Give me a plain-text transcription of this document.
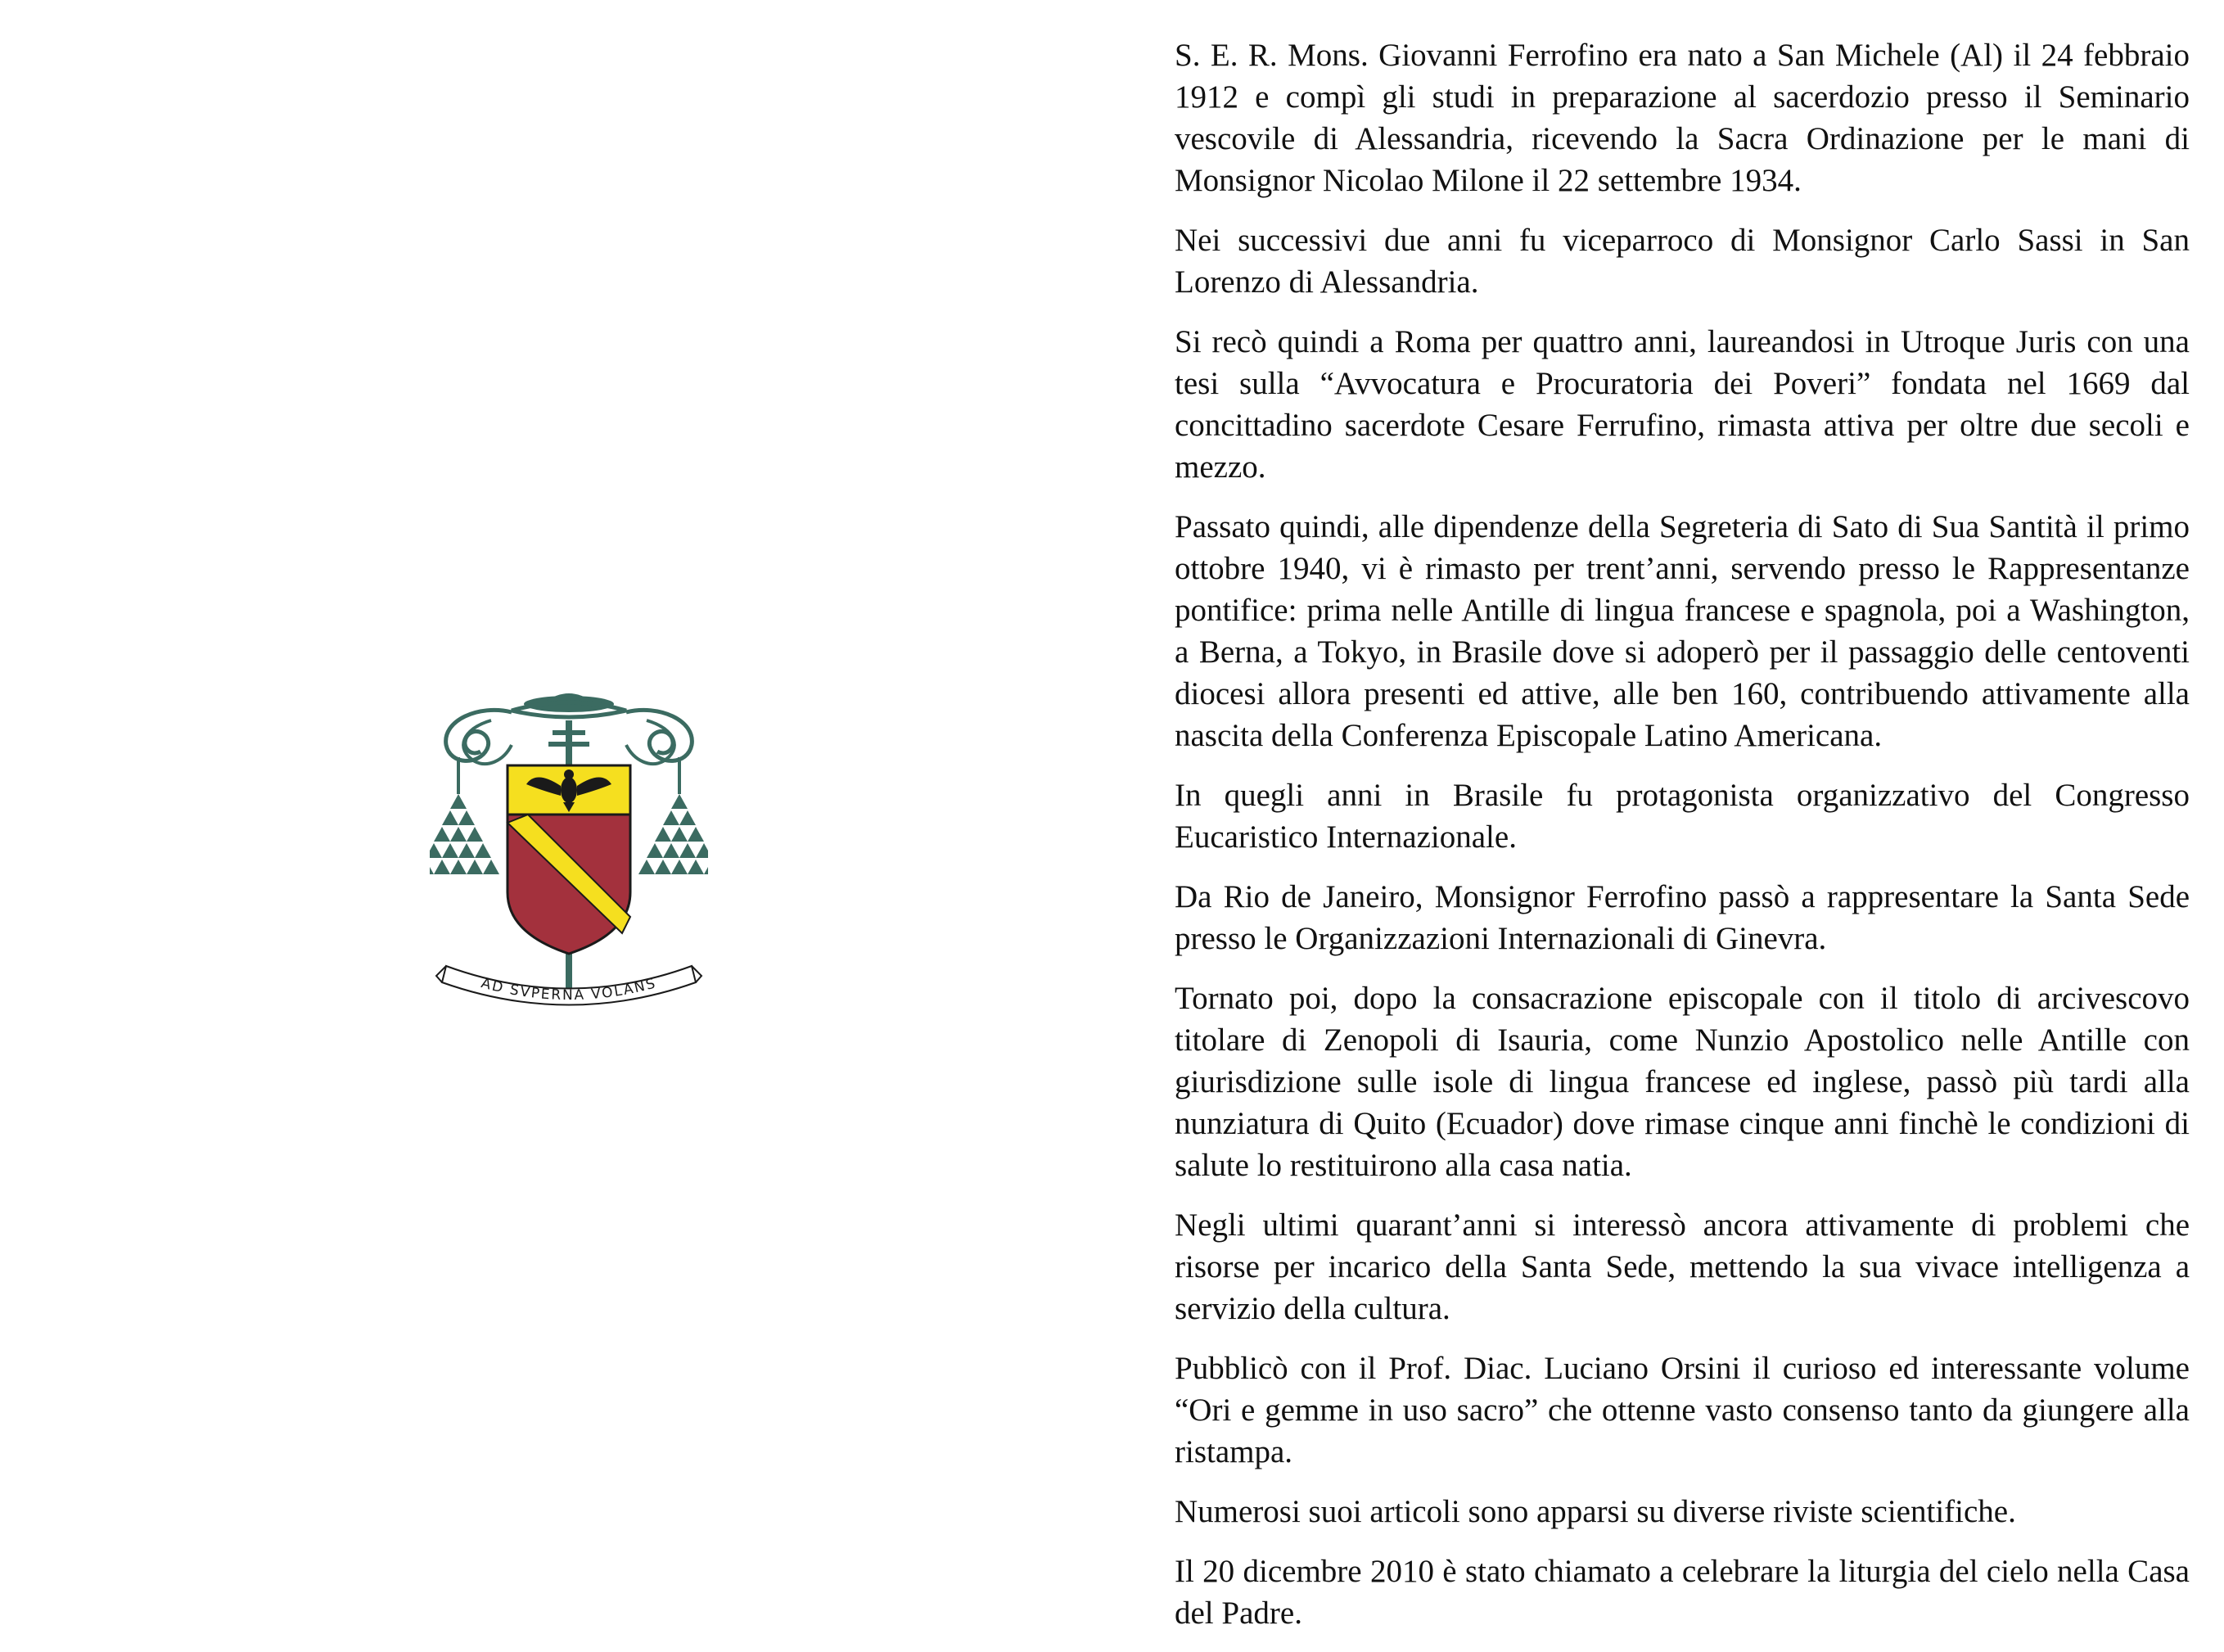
AD SVPERNA VOLANS

S. E. R. Mons. Giovanni Ferrofino era nato a San Michele (Al) il 24 febbraio 1912 e compì gli studi in preparazione al sacerdozio presso il Seminario vescovile di Alessandria, ricevendo la Sacra Ordinazione per le mani di Monsignor Nicolao Milone il 22 settembre 1934.

Nei successivi due anni fu viceparroco di Monsignor Carlo Sassi in San Lorenzo di Alessandria.

Si recò quindi a Roma per quattro anni, laureandosi in Utroque Juris con una tesi sulla “Avvocatura e Procuratoria dei Poveri” fondata nel 1669 dal concittadino sacerdote Cesare Ferrufino, rimasta attiva per oltre due secoli e mezzo.

Passato quindi, alle dipendenze della Segreteria di Sato di Sua Santità il primo ottobre 1940, vi è rimasto per trent’anni, servendo presso le Rappresentanze pontifice: prima nelle Antille di lingua francese e spagnola, poi a Washington, a Berna, a Tokyo, in Brasile dove si adoperò per il passaggio delle centoventi diocesi allora presenti ed attive, alle ben 160, contribuendo attivamente alla nascita della Conferenza Episcopale Latino Americana.

In quegli anni in Brasile fu protagonista organizzativo del Congresso Eucaristico Internazionale.

Da Rio de Janeiro, Monsignor Ferrofino passò a rappresentare la Santa Sede presso le Organizzazioni Internazionali di Ginevra.

Tornato poi, dopo la consacrazione episcopale con il titolo di arcivescovo titolare di Zenopoli di Isauria, come Nunzio Apostolico nelle Antille con giurisdizione sulle isole di lingua francese ed inglese, passò più tardi alla nunziatura di Quito (Ecuador) dove rimase cinque anni finchè le condizioni di salute lo restituirono alla casa natia.

Negli ultimi quarant’anni si interessò ancora attivamente di problemi che risorse per incarico della Santa Sede, mettendo la sua vivace intelligenza a servizio della cultura.

Pubblicò con il Prof. Diac. Luciano Orsini il curioso ed interessante volume “Ori e gemme in uso sacro” che ottenne vasto consenso tanto da giungere alla ristampa.

Numerosi suoi articoli sono apparsi su diverse riviste scientifiche.

Il 20 dicembre 2010 è stato chiamato a celebrare la liturgia del cielo nella Casa del Padre.
